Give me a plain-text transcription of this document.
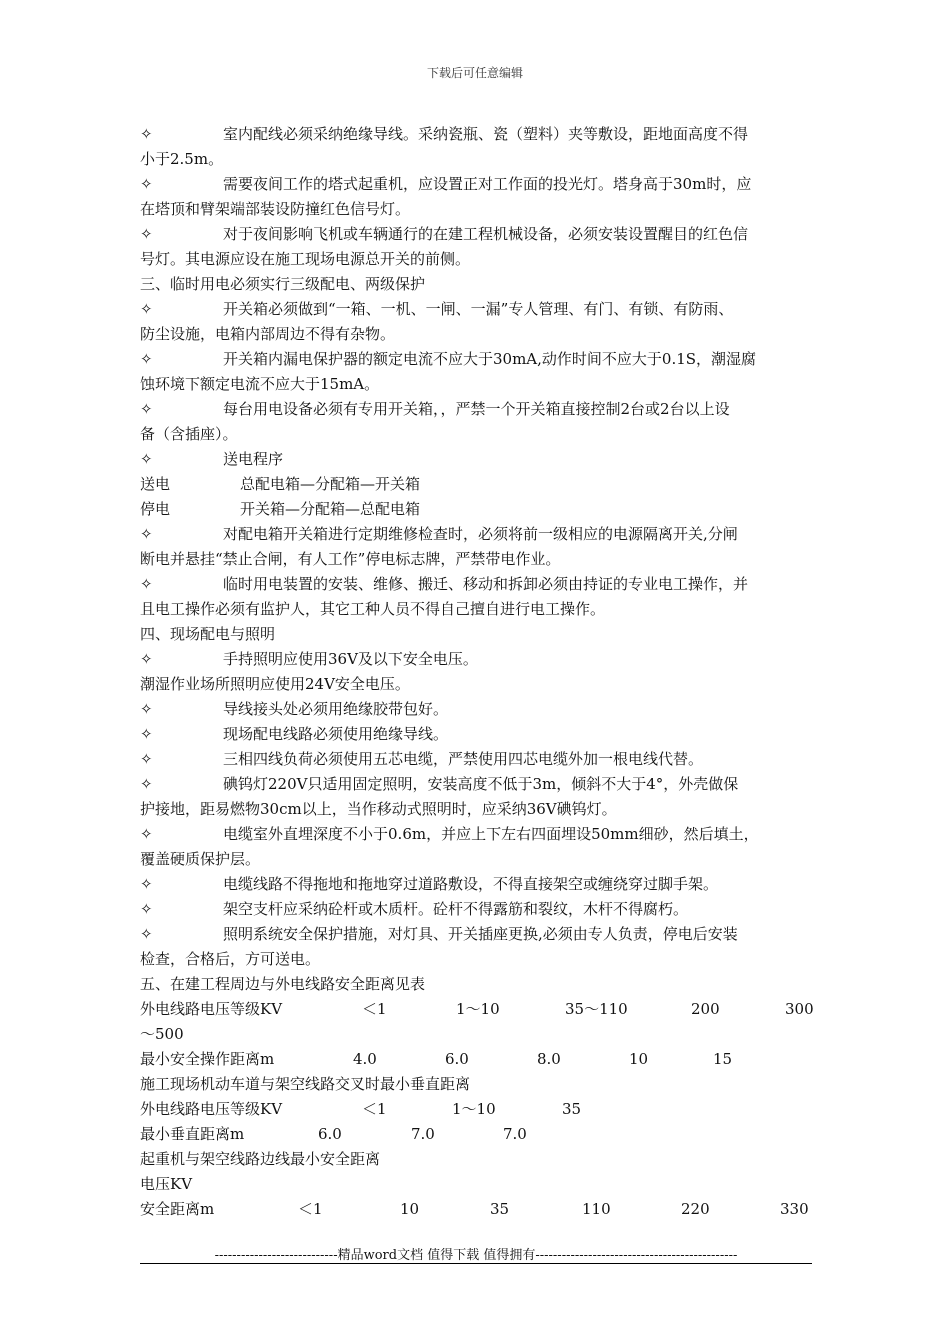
下载后可任意编辑
✧	室内配线必须采纳绝缘导线。采纳瓷瓶、瓷（塑料）夹等敷设，距地面高度不得
小于2.5m。
✧	需要夜间工作的塔式起重机，应设置正对工作面的投光灯。塔身高于30m时，应
在塔顶和臂架端部装设防撞红色信号灯。
✧	对于夜间影响飞机或车辆通行的在建工程机械设备，必须安装设置醒目的红色信
号灯。其电源应设在施工现场电源总开关的前侧。
三、临时用电必须实行三级配电、两级保护
✧	开关箱必须做到“一箱、一机、一闸、一漏”专人管理、有门、有锁、有防雨、
防尘设施，电箱内部周边不得有杂物。
✧	开关箱内漏电保护器的额定电流不应大于30mA,动作时间不应大于0.1S，潮湿腐
蚀环境下额定电流不应大于15mA。
✧	每台用电设备必须有专用开关箱，，严禁一个开关箱直接控制2台或2台以上设
备（含插座）。
✧	送电程序
送电	总配电箱—分配箱—开关箱
停电	开关箱—分配箱—总配电箱
✧	对配电箱开关箱进行定期维修检查时，必须将前一级相应的电源隔离开关,分闸
断电并悬挂“禁止合闸，有人工作”停电标志牌，严禁带电作业。
✧	临时用电装置的安装、维修、搬迁、移动和拆卸必须由持证的专业电工操作，并
且电工操作必须有监护人，其它工种人员不得自己擅自进行电工操作。
四、现场配电与照明
✧	手持照明应使用36V及以下安全电压。
潮湿作业场所照明应使用24V安全电压。
✧	导线接头处必须用绝缘胶带包好。
✧	现场配电线路必须使用绝缘导线。
✧	三相四线负荷必须使用五芯电缆，严禁使用四芯电缆外加一根电线代替。
✧	碘钨灯220V只适用固定照明，安装高度不低于3m，倾斜不大于4°，外壳做保
护接地，距易燃物30cm以上，当作移动式照明时，应采纳36V碘钨灯。
✧	电缆室外直埋深度不小于0.6m，并应上下左右四面埋设50mm细砂，然后填土，
覆盖硬质保护层。
✧	电缆线路不得拖地和拖地穿过道路敷设，不得直接架空或缠绕穿过脚手架。
✧	架空支杆应采纳砼杆或木质杆。砼杆不得露筋和裂纹，木杆不得腐朽。
✧	照明系统安全保护措施，对灯具、开关插座更换,必须由专人负责，停电后安装
检查，合格后，方可送电。
五、在建工程周边与外电线路安全距离见表
外电线路电压等级KV	＜1	1～10	35～110	200	300
～500
最小安全操作距离m	4.0	6.0	8.0	10	15
施工现场机动车道与架空线路交叉时最小垂直距离
外电线路电压等级KV	＜1	1～10	35
最小垂直距离m	6.0	7.0	7.0
起重机与架空线路边线最小安全距离
电压KV
安全距离m	＜1	10	35	110	220	330
----------------------------精品word文档 值得下载 值得拥有----------------------------------------------
